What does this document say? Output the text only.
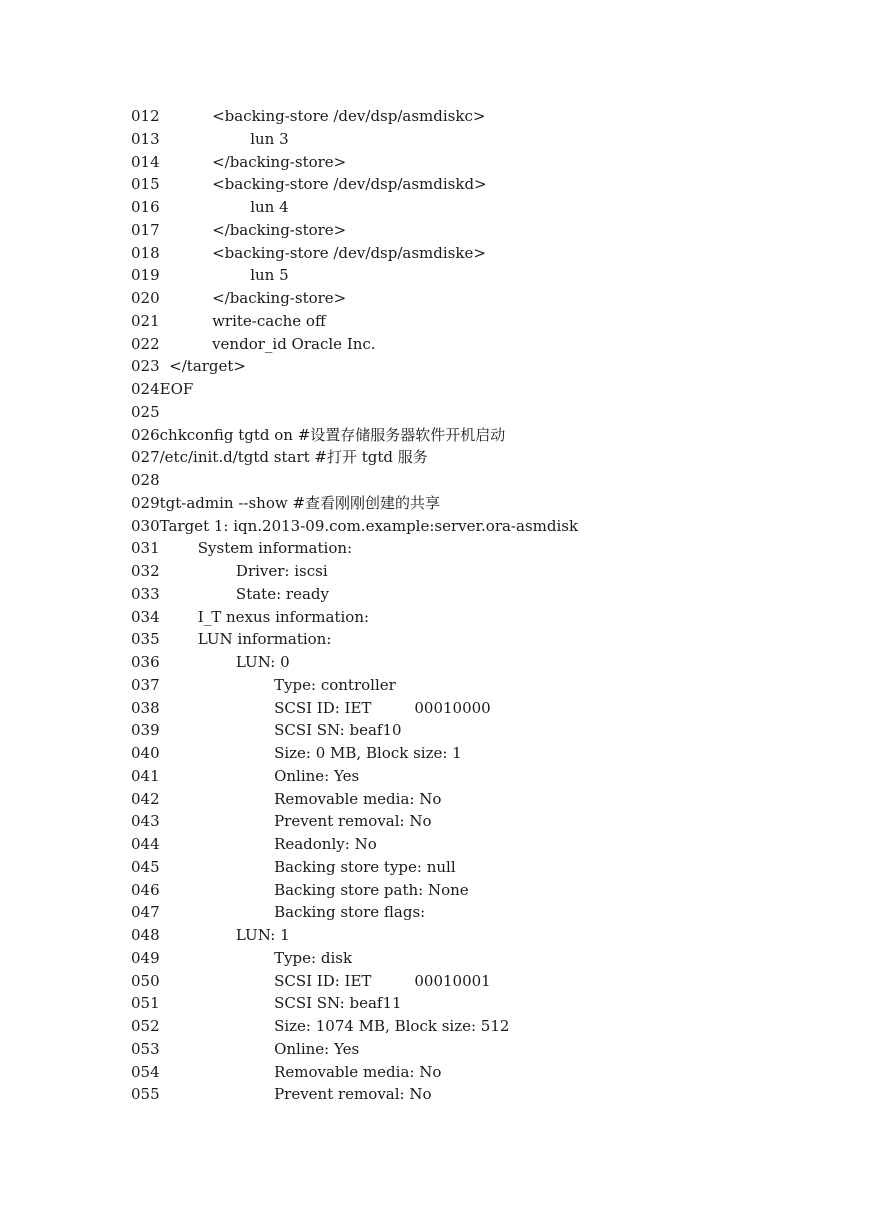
012           <backing-store /dev/dsp/asmdiskc>
013                   lun 3
014           </backing-store>
015           <backing-store /dev/dsp/asmdiskd>
016                   lun 4
017           </backing-store>
018           <backing-store /dev/dsp/asmdiske>
019                   lun 5
020           </backing-store>
021           write-cache off
022           vendor_id Oracle Inc.
023  </target>
024EOF
025
026chkconfig tgtd on #设置存储服务器软件开机启动
027/etc/init.d/tgtd start #打开 tgtd 服务
028
029tgt-admin --show #查看刚刚创建的共享
030Target 1: iqn.2013-09.com.example:server.ora-asmdisk
031        System information:
032                Driver: iscsi
033                State: ready
034        I_T nexus information:
035        LUN information:
036                LUN: 0
037                        Type: controller
038                        SCSI ID: IET         00010000
039                        SCSI SN: beaf10
040                        Size: 0 MB, Block size: 1
041                        Online: Yes
042                        Removable media: No
043                        Prevent removal: No
044                        Readonly: No
045                        Backing store type: null
046                        Backing store path: None
047                        Backing store flags:
048                LUN: 1
049                        Type: disk
050                        SCSI ID: IET         00010001
051                        SCSI SN: beaf11
052                        Size: 1074 MB, Block size: 512
053                        Online: Yes
054                        Removable media: No
055                        Prevent removal: No
